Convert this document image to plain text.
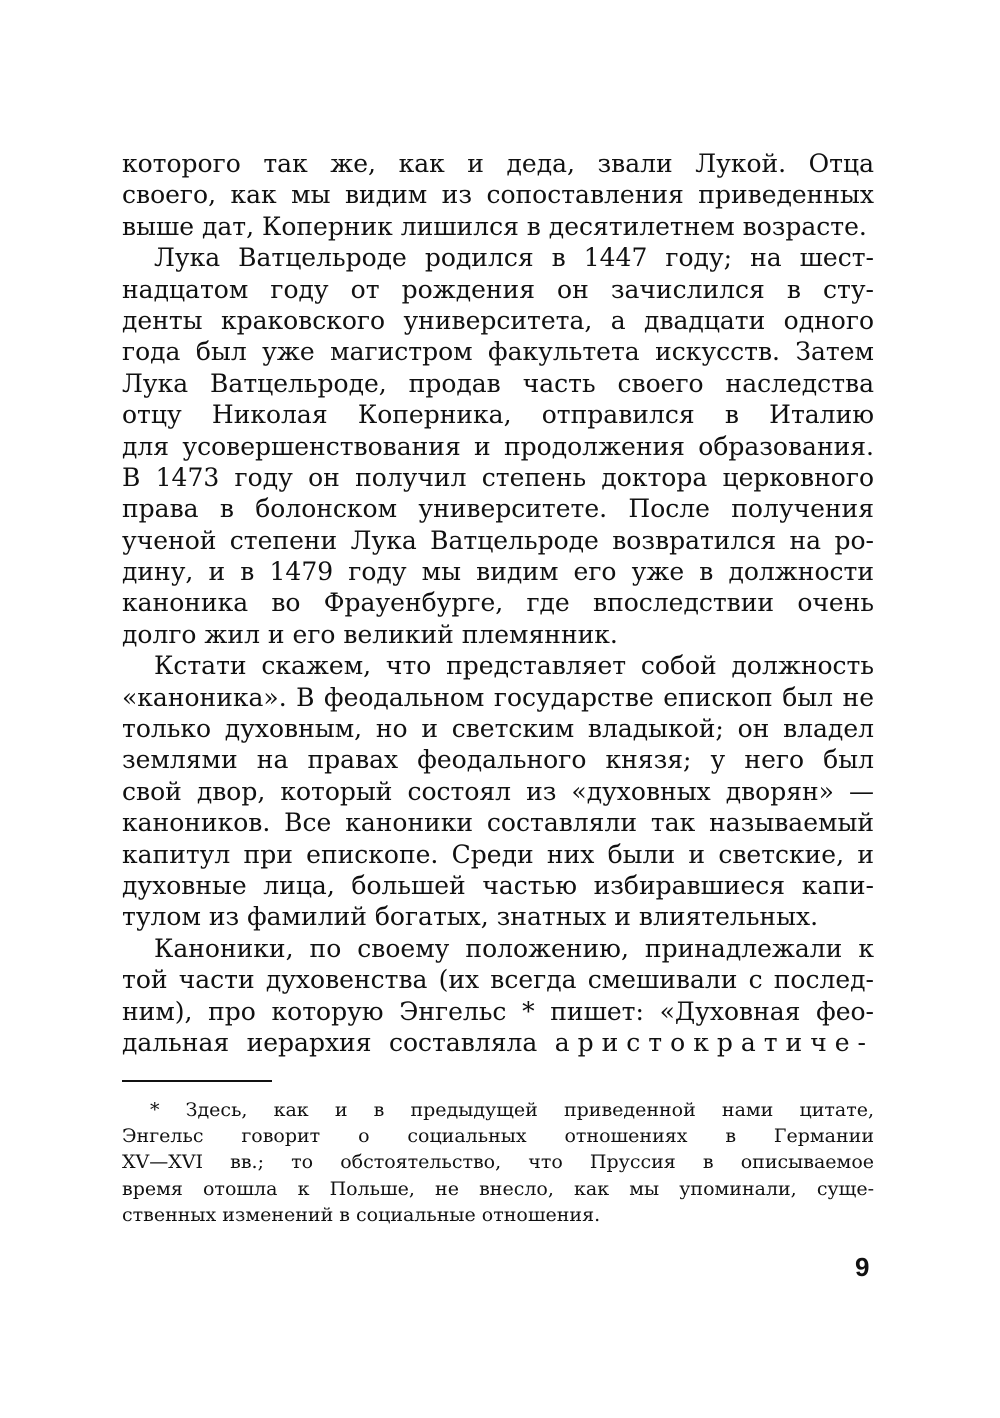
которого так же, как и деда, звали Лукой. Отца
своего, как мы видим из сопоставления приведенных
выше дат, Коперник лишился в десятилетнем возрасте.
Лука Ватцельроде родился в 1447 году; на шест-
надцатом году от рождения он зачислился в сту-
денты краковского университета, а двадцати одного
года был уже магистром факультета искусств. Затем
Лука Ватцельроде, продав часть своего наследства
отцу Николая Коперника, отправился в Италию
для усовершенствования и продолжения образования.
В 1473 году он получил степень доктора церковного
права в болонском университете. После получения
ученой степени Лука Ватцельроде возвратился на ро-
дину, и в 1479 году мы видим его уже в должности
каноника во Фрауенбурге, где впоследствии очень
долго жил и его великий племянник.
Кстати скажем, что представляет собой должность
«каноника». В феодальном государстве епископ был не
только духовным, но и светским владыкой; он владел
землями на правах феодального князя; у него был
свой двор, который состоял из «духовных дворян» —
каноников. Все каноники составляли так называемый
капитул при епископе. Среди них были и светские, и
духовные лица, большей частью избиравшиеся капи-
тулом из фамилий богатых, знатных и влиятельных.
Каноники, по своему положению, принадлежали к
той части духовенства (их всегда смешивали с послед-
ним), про которую Энгельс * пишет: «Духовная фео-
дальная иерархия составляла аристократиче-
* Здесь, как и в предыдущей приведенной нами цитате,
Энгельс говорит о социальных отношениях в Германии
XV—XVI вв.; то обстоятельство, что Пруссия в описываемое
время отошла к Польше, не внесло, как мы упоминали, суще-
ственных изменений в социальные отношения.
9
